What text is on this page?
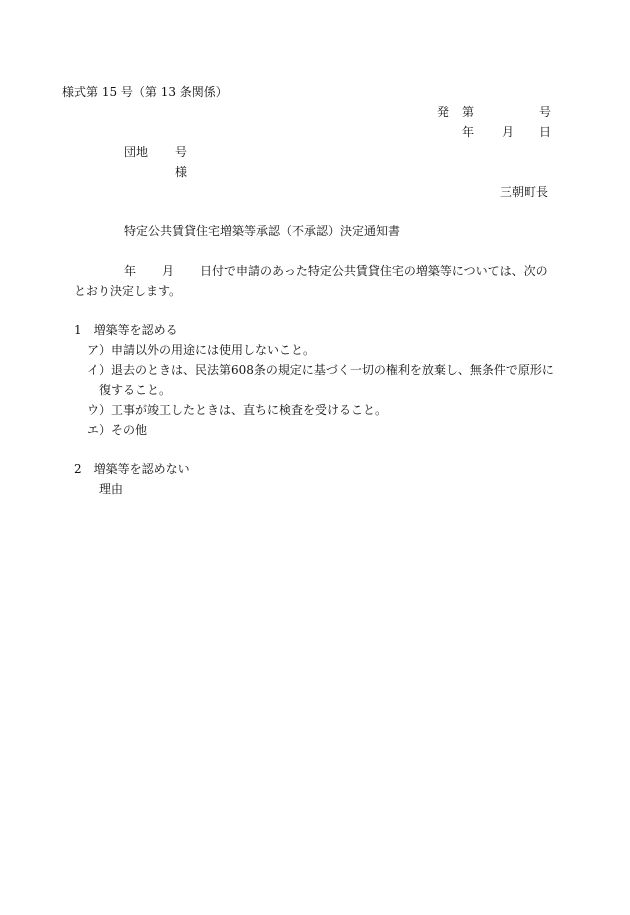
様式第 15 号（第 13 条関係）
発 第	号
年 月 日
団地 号
様
三朝町長
特定公共賃貸住宅増築等承認（不承認）決定通知書
年 月 日付で申請のあった特定公共賃貸住宅の増築等については、次の
とおり決定します。
1　増築等を認める
ア）申請以外の用途には使用しないこと。
イ）退去のときは、民法第608条の規定に基づく一切の権利を放棄し、無条件で原形に
復すること。
ウ）工事が竣工したときは、直ちに検査を受けること。
エ）その他
2　増築等を認めない
理由
